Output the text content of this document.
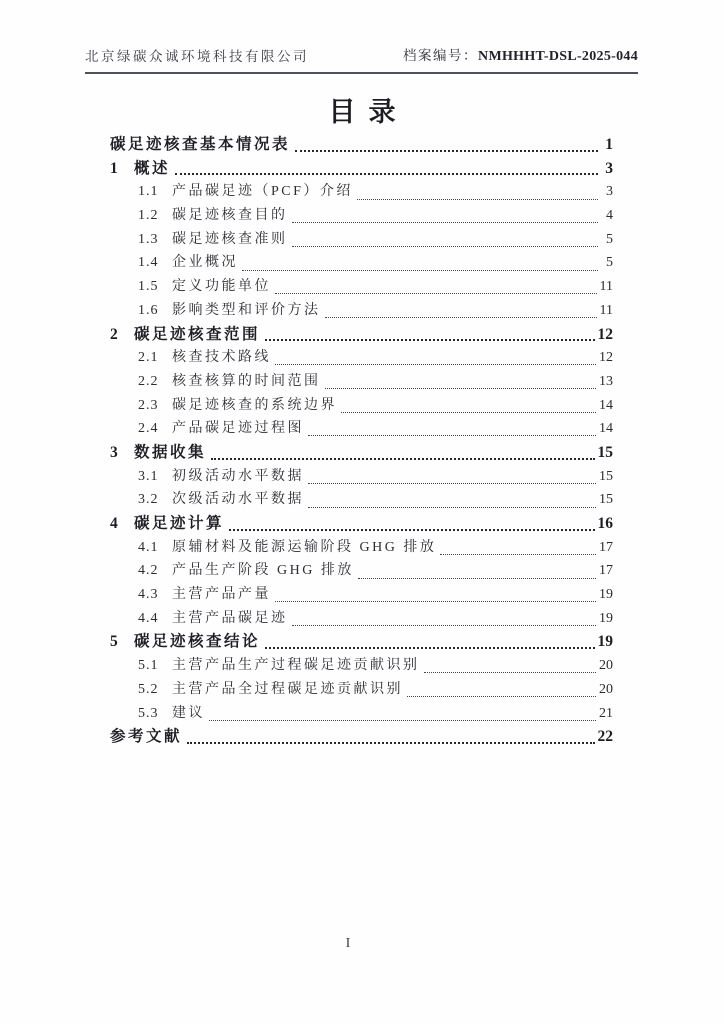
北京绿碳众诚环境科技有限公司	档案编号：NMHHHT-DSL-2025-044
目录
碳足迹核查基本情况表	1
1	概述	3
1.1 产品碳足迹（PCF）介绍	3
1.2 碳足迹核查目的	4
1.3 碳足迹核查准则	5
1.4 企业概况	5
1.5 定义功能单位	11
1.6 影响类型和评价方法	11
2	碳足迹核查范围	12
2.1 核查技术路线	12
2.2 核查核算的时间范围	13
2.3 碳足迹核查的系统边界	14
2.4 产品碳足迹过程图	14
3	数据收集	15
3.1 初级活动水平数据	15
3.2 次级活动水平数据	15
4	碳足迹计算	16
4.1 原辅材料及能源运输阶段 GHG 排放	17
4.2 产品生产阶段 GHG 排放	17
4.3 主营产品产量	19
4.4 主营产品碳足迹	19
5	碳足迹核查结论	19
5.1 主营产品生产过程碳足迹贡献识别	20
5.2 主营产品全过程碳足迹贡献识别	20
5.3 建议	21
参考文献	22
I
